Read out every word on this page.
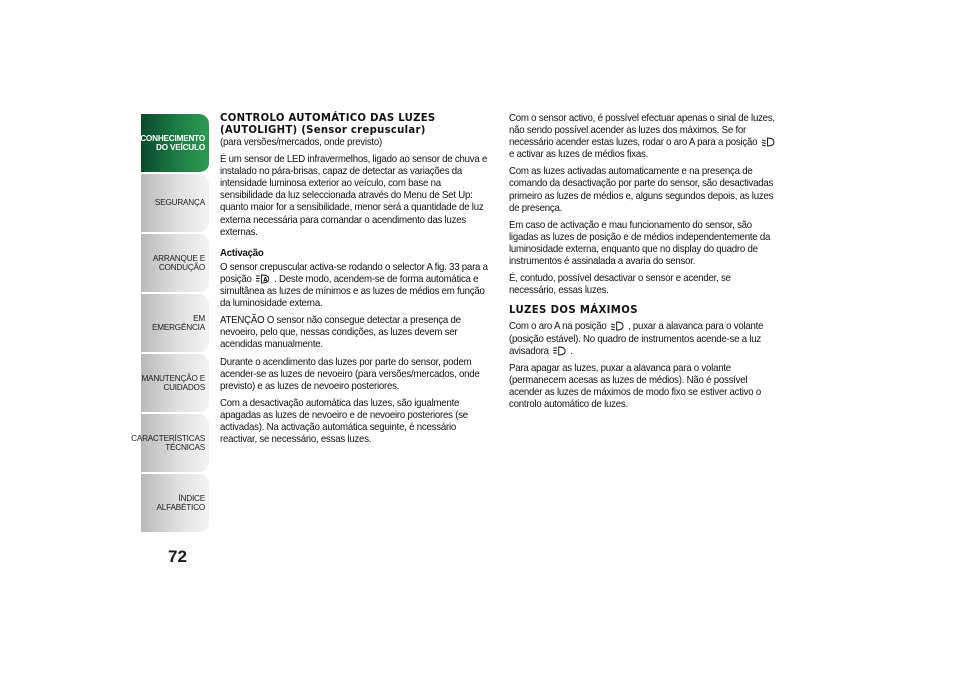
CONHECIMENTO
DO VEÍCULO
SEGURANÇA
ARRANQUE E
CONDUÇÃO
EM EMERGÊNCIA
MANUTENÇÃO E
CUIDADOS
CARACTERÍSTICAS
TÉCNICAS
ÍNDICE ALFABÉTICO
72
CONTROLO AUTOMÁTICO DAS LUZES
(AUTOLIGHT) (Sensor crepuscular)

(para versões/mercados, onde previsto)

É um sensor de LED infravermelhos, ligado ao sensor de chuva e instalado no pára-brisas, capaz de detectar as variações da intensidade luminosa exterior ao veículo, com base na sensibilidade da luz seleccionada através do Menu de Set Up: quanto maior for a sensibilidade, menor será a quantidade de luz externa necessária para comandar o acendimento das luzes externas.

Activação

O sensor crepuscular activa-se rodando o selector A fig. 33 para a posição A . Deste modo, acendem-se de forma automática e simultânea as luzes de mínimos e as luzes de médios em função da luminosidade externa.

ATENÇÃO O sensor não consegue detectar a presença de nevoeiro, pelo que, nessas condições, as luzes devem ser acendidas manualmente.

Durante o acendimento das luzes por parte do sensor, podem acender-se as luzes de nevoeiro (para versões/mercados, onde previsto) e as luzes de nevoeiro posteriores.

Com a desactivação automática das luzes, são igualmente apagadas as luzes de nevoeiro e de nevoeiro posteriores (se activadas). Na activação automática seguinte, é ncessário reactivar, se necessário, essas luzes.

Com o sensor activo, é possível efectuar apenas o sinal de luzes, não sendo possível acender as luzes dos máximos. Se for necessário acender estas luzes, rodar o aro A para a posição
e activar as luzes de médios fixas.

Com as luzes activadas automaticamente e na presença de comando da desactivação por parte do sensor, são desactivadas primeiro as luzes de médios e, alguns segundos depois, as luzes de presença.

Em caso de activação e mau funcionamento do sensor, são ligadas as luzes de posição e de médios independentemente da luminosidade externa, enquanto que no display do quadro de instrumentos é assinalada a avaria do sensor.

É, contudo, possível desactivar o sensor e acender, se necessário, essas luzes.

LUZES DOS MÁXIMOS

Com o aro A na posição , puxar a alavanca para o volante (posição estável). No quadro de instrumentos acende-se a luz avisadora .

Para apagar as luzes, puxar a alavanca para o volante (permanecem acesas as luzes de médios). Não é possível acender as luzes de máximos de modo fixo se estiver activo o controlo automático de luzes.
